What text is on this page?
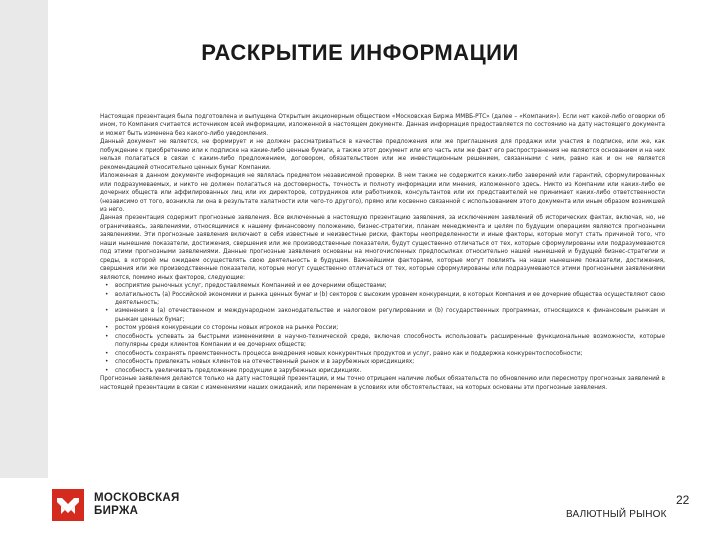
РАСКРЫТИЕ ИНФОРМАЦИИ

Настоящая презентация была подготовлена и выпущена Открытым акционерным обществом «Московская Биржа ММВБ-РТС» (далее – «Компания»). Если нет какой-либо оговорки об ином, то Компания считается источником всей информации, изложенной в настоящем документе. Данная информация предоставляется по состоянию на дату настоящего документа и может быть изменена без какого-либо уведомления.

Данный документ не является, не формирует и не должен рассматриваться в качестве предложения или же приглашения для продажи или участия в подписке, или же, как побуждение к приобретению или к подписке на какие-либо ценные бумаги, а также этот документ или его часть или же факт его распространения не являются основанием и на них нельзя полагаться в связи с каким-либо предложением, договором, обязательством или же инвестиционным решением, связанными с ним, равно как и он не является рекомендацией относительно ценных бумаг Компании.

Изложенная в данном документе информация не являлась предметом независимой проверки. В нем также не содержится каких-либо заверений или гарантий, сформулированных или подразумеваемых, и никто не должен полагаться на достоверность, точность и полноту информации или мнения, изложенного здесь. Никто из Компании или каких-либо ее дочерних обществ или аффилированных лиц или их директоров, сотрудников или работников, консультантов или их представителей не принимает каких-либо ответственности (независимо от того, возникла ли она в результате халатности или чего-то другого), прямо или косвенно связанной с использованием этого документа или иным образом возникшей из него.

Данная презентация содержит прогнозные заявления. Все включенные в настоящую презентацию заявления, за исключением заявлений об исторических фактах, включая, но, не ограничиваясь, заявлениями, относящимися к нашему финансовому положению, бизнес-стратегии, планам менеджмента и целям по будущим операциям являются прогнозными заявлениями. Эти прогнозные заявления включают в себя известные и неизвестные риски, факторы неопределенности и иные факторы, которые могут стать причиной того, что наши нынешние показатели, достижения, свершения или же производственные показатели, будут существенно отличаться от тех, которые сформулированы или подразумеваются под этими прогнозными заявлениями. Данные прогнозные заявления основаны на многочисленных предпосылках относительно нашей нынешней и будущей бизнес-стратегии и среды, в которой мы ожидаем осуществлять свою деятельность в будущем. Важнейшими факторами, которые могут повлиять на наши нынешние показатели, достижения, свершения или же производственные показатели, которые могут существенно отличаться от тех, которые сформулированы или подразумеваются этими прогнозными заявлениями являются, помимо иных факторов, следующие:

• восприятие рыночных услуг, предоставляемых Компанией и ее дочерними обществами;
• волатильность (а) Российской экономики и рынка ценных бумаг и (b) секторов с высоким уровнем конкуренции, в которых Компания и ее дочерние общества осуществляют свою деятельность;
• изменения в (а) отечественном и международном законодательстве и налоговом регулировании и (b) государственных программах, относящихся к финансовым рынкам и рынкам ценных бумаг;
• ростом уровня конкуренции со стороны новых игроков на рынке России;
• способность успевать за быстрыми изменениями в научно-технической среде, включая способность использовать расширенные функциональные возможности, которые популярны среди клиентов Компании и ее дочерних обществ;
• способность сохранять преемственность процесса внедрения новых конкурентных продуктов и услуг, равно как и поддержка конкурентоспособности;
• способность привлекать новых клиентов на отечественный рынок и в зарубежных юрисдикциях;
• способность увеличивать предложение продукции в зарубежных юрисдикциях.

Прогнозные заявления делаются только на дату настоящей презентации, и мы точно отрицаем наличие любых обязательств по обновлению или пересмотру прогнозных заявлений в настоящей презентации в связи с изменениями наших ожиданий, или переменам в условиях или обстоятельствах, на которых основаны эти прогнозные заявления.

МОСКОВСКАЯ
БИРЖА	ВАЛЮТНЫЙ РЫНОК
22
